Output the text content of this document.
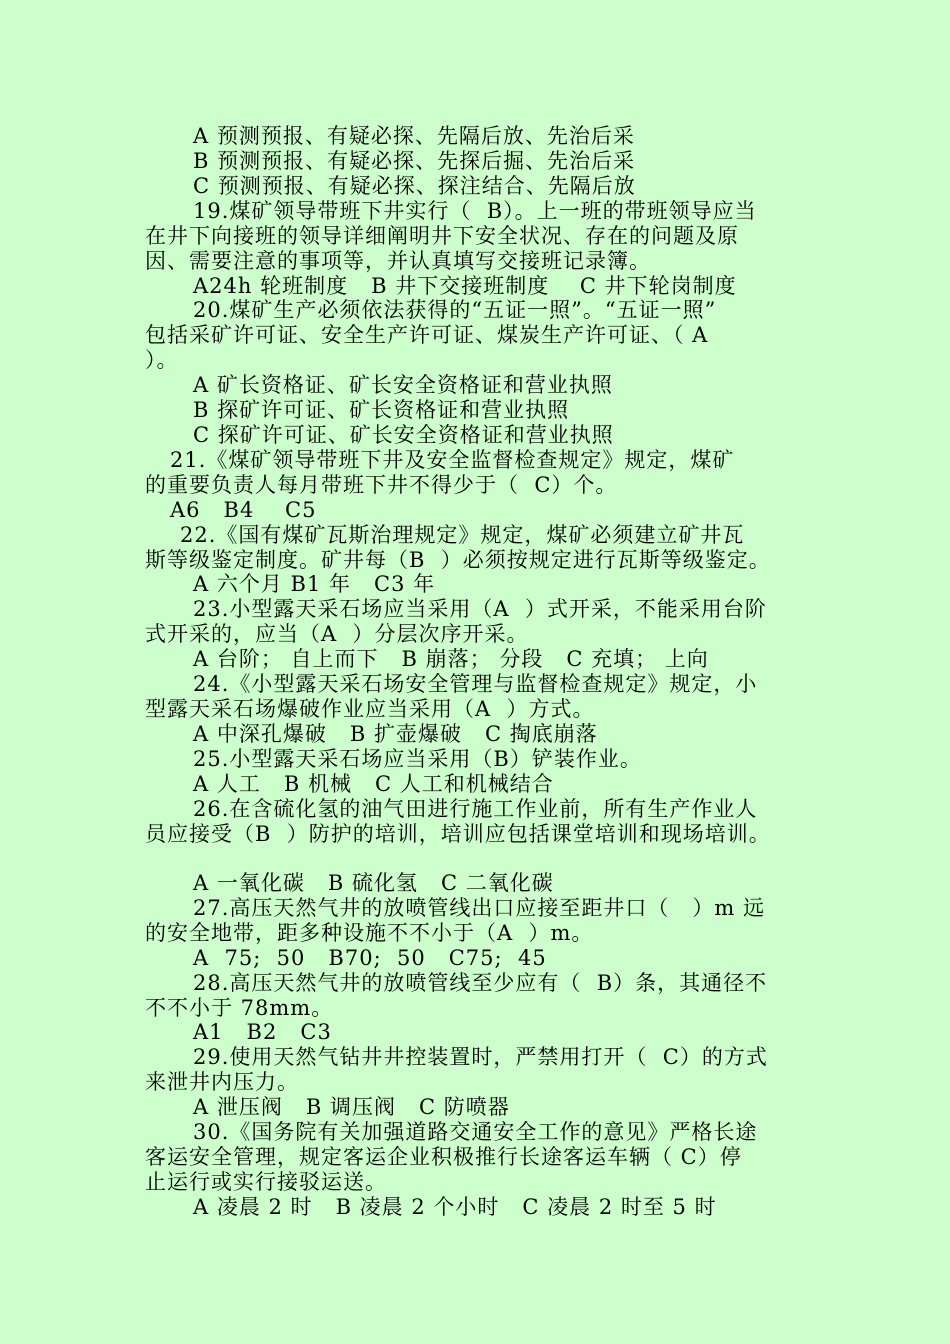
A 预测预报、有疑必探、先隔后放、先治后采
B 预测预报、有疑必探、先探后掘、先治后采
C 预测预报、有疑必探、探注结合、先隔后放
19.煤矿领导带班下井实行（  B）。上一班的带班领导应当
在井下向接班的领导详细阐明井下安全状况、存在的问题及原
因、需要注意的事项等，并认真填写交接班记录簿。
A24h 轮班制度   B 井下交接班制度    C 井下轮岗制度
20.煤矿生产必须依法获得的“五证一照”。“五证一照”
包括采矿许可证、安全生产许可证、煤炭生产许可证、（ A
）。
A 矿长资格证、矿长安全资格证和营业执照
B 探矿许可证、矿长资格证和营业执照
C 探矿许可证、矿长安全资格证和营业执照
21.《煤矿领导带班下井及安全监督检查规定》规定，煤矿
的重要负责人每月带班下井不得少于（  C）个。
A6   B4    C5
22.《国有煤矿瓦斯治理规定》规定，煤矿必须建立矿井瓦
斯等级鉴定制度。矿井每（B  ）必须按规定进行瓦斯等级鉴定。
A 六个月 B1 年   C3 年
23.小型露天采石场应当采用（A  ）式开采，不能采用台阶
式开采的，应当（A  ）分层次序开采。
A 台阶； 自上而下   B 崩落； 分段   C 充填； 上向
24.《小型露天采石场安全管理与监督检查规定》规定，小
型露天采石场爆破作业应当采用（A  ）方式。
A 中深孔爆破   B 扩壶爆破   C 掏底崩落
25.小型露天采石场应当采用（B）铲装作业。
A 人工   B 机械   C 人工和机械结合
26.在含硫化氢的油气田进行施工作业前，所有生产作业人
员应接受（B  ）防护的培训，培训应包括课堂培训和现场培训。
A 一氧化碳   B 硫化氢   C 二氧化碳
27.高压天然气井的放喷管线出口应接至距井口（   ）m 远
的安全地带，距多种设施不不小于（A  ）m。
A  75;  50   B70;  50   C75;  45
28.高压天然气井的放喷管线至少应有（  B）条，其通径不
不不小于 78mm。
A1   B2   C3
29.使用天然气钻井井控装置时，严禁用打开（  C）的方式
来泄井内压力。
A 泄压阀   B 调压阀   C 防喷器
30.《国务院有关加强道路交通安全工作的意见》严格长途
客运安全管理，规定客运企业积极推行长途客运车辆（ C）停
止运行或实行接驳运送。
A 凌晨 2 时   B 凌晨 2 个小时   C 凌晨 2 时至 5 时
